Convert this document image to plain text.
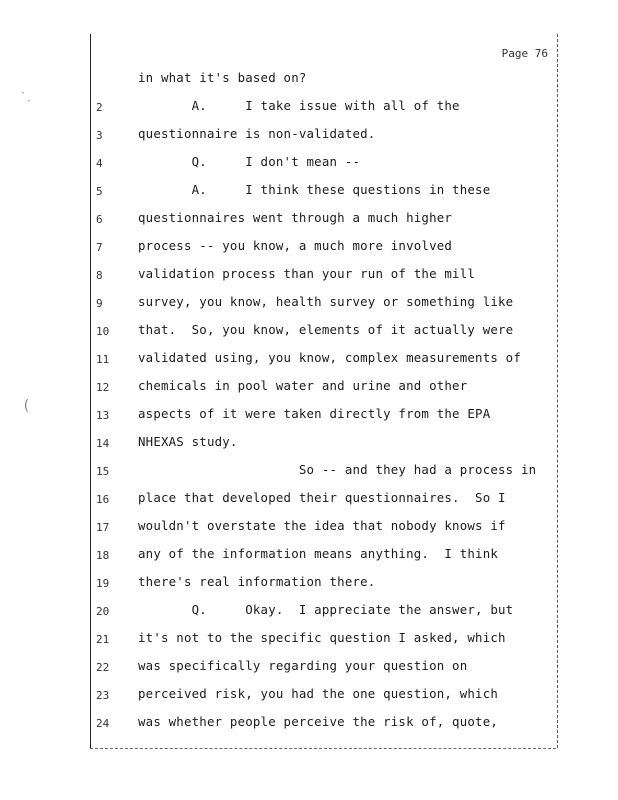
Page 76
·
·
(
in what it's based on?
2	A.     I take issue with all of the
3	questionnaire is non-validated.
4	Q.     I don't mean --
5	A.     I think these questions in these
6	questionnaires went through a much higher
7	process -- you know, a much more involved
8	validation process than your run of the mill
9	survey, you know, health survey or something like
10	that.  So, you know, elements of it actually were
11	validated using, you know, complex measurements of
12	chemicals in pool water and urine and other
13	aspects of it were taken directly from the EPA
14	NHEXAS study.
15	So -- and they had a process in
16	place that developed their questionnaires.  So I
17	wouldn't overstate the idea that nobody knows if
18	any of the information means anything.  I think
19	there's real information there.
20	Q.     Okay.  I appreciate the answer, but
21	it's not to the specific question I asked, which
22	was specifically regarding your question on
23	perceived risk, you had the one question, which
24	was whether people perceive the risk of, quote,
